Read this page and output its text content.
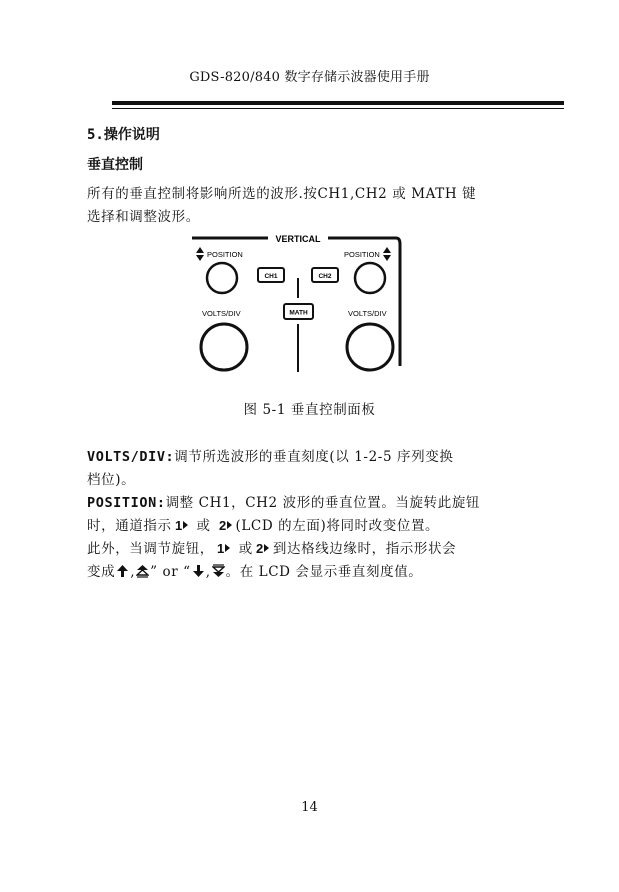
GDS-820/840 数字存储示波器使用手册
5.操作说明
垂直控制
所有的垂直控制将影响所选的波形.按CH1,CH2 或 MATH 键
选择和调整波形。
VERTICAL
POSITION	POSITION
CH1	CH2
MATH
VOLTS/DIV	VOLTS/DIV
图 5-1 垂直控制面板
VOLTS/DIV:调节所选波形的垂直刻度(以 1-2-5 序列变换
档位)。
POSITION:调整 CH1，CH2 波形的垂直位置。当旋转此旋钮
时，通道指示 1 或 2 (LCD 的左面)将同时改变位置。
此外，当调节旋钮， 1 或 2 到达格线边缘时，指示形状会
变成 , ” or “ , 。在 LCD 会显示垂直刻度值。
14
